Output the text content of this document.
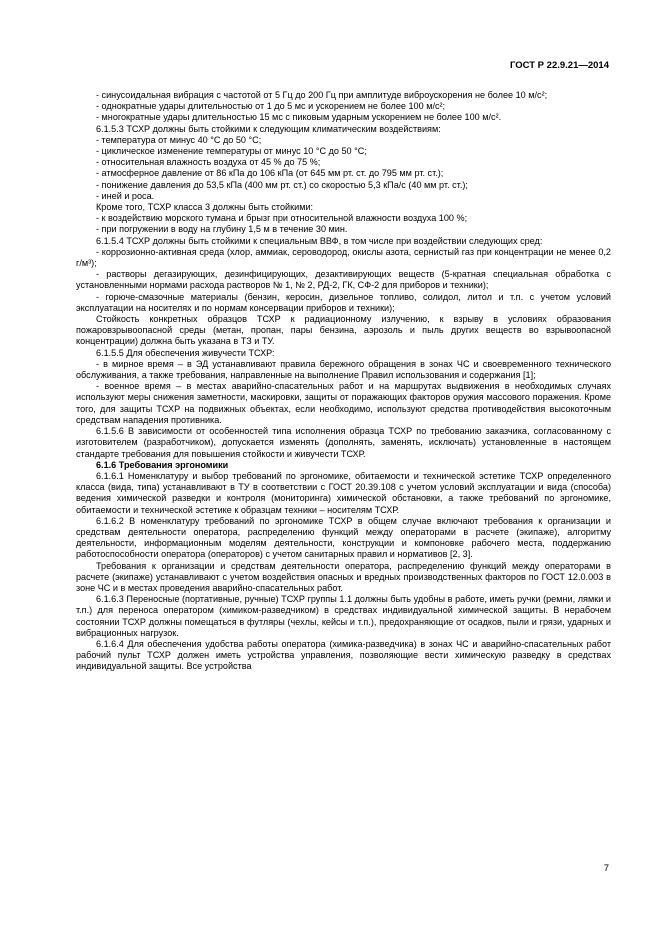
ГОСТ Р 22.9.21—2014

- синусоидальная вибрация с частотой от 5 Гц до 200 Гц при амплитуде виброускорения не более 10 м/с²;

- однократные удары длительностью от 1 до 5 мс и ускорением не более 100 м/с²;

- многократные удары длительностью 15 мс с пиковым ударным ускорением не более 100 м/с².

6.1.5.3 ТСХР должны быть стойкими к следующим климатическим воздействиям:

- температура от минус 40 °С до 50 °С;

- циклическое изменение температуры от минус 10 °С до 50 °С;

- относительная влажность воздуха от 45 % до 75 %;

- атмосферное давление от 86 кПа до 106 кПа (от 645 мм рт. ст. до 795 мм рт. ст.);

- понижение давления до 53,5 кПа (400 мм рт. ст.) со скоростью 5,3 кПа/с (40 мм рт. ст.);

- иней и роса.

Кроме того, ТСХР класса 3 должны быть стойкими:

- к воздействию морского тумана и брызг при относительной влажности воздуха 100 %;

- при погружении в воду на глубину 1,5 м в течение 30 мин.

6.1.5.4 ТСХР должны быть стойкими к специальным ВВФ, в том числе при воздействии следующих сред:

- коррозионно-активная среда (хлор, аммиак, сероводород, окислы азота, сернистый газ при концентрации не менее 0,2 г/м³);

- растворы дегазирующих, дезинфицирующих, дезактивирующих веществ (5-кратная специальная обработка с установленными нормами расхода растворов № 1, № 2, РД-2, ГК, СФ-2 для приборов и техники);

- горюче-смазочные материалы (бензин, керосин, дизельное топливо, солидол, литол и т.п. с учетом условий эксплуатации на носителях и по нормам консервации приборов и техники);

Стойкость конкретных образцов ТСХР к радиационному излучению, к взрыву в условиях образования пожаровзрывоопасной среды (метан, пропан, пары бензина, аэрозоль и пыль других веществ во взрывоопасной концентрации) должна быть указана в ТЗ и ТУ.

6.1.5.5 Для обеспечения живучести ТСХР:

- в мирное время – в ЭД устанавливают правила бережного обращения в зонах ЧС и своевременного технического обслуживания, а также требования, направленные на выполнение Правил использования и содержания [1];

- военное время – в местах аварийно-спасательных работ и на маршрутах выдвижения в необходимых случаях используют меры снижения заметности, маскировки, защиты от поражающих факторов оружия массового поражения. Кроме того, для защиты ТСХР на подвижных объектах, если необходимо, используют средства противодействия высокоточным средствам нападения противника.

6.1.5.6 В зависимости от особенностей типа исполнения образца ТСХР по требованию заказчика, согласованному с изготовителем (разработчиком), допускается изменять (дополнять, заменять, исключать) установленные в настоящем стандарте требования для повышения стойкости и живучести ТСХР.

6.1.6 Требования эргономики

6.1.6.1 Номенклатуру и выбор требований по эргономике, обитаемости и технической эстетике ТСХР определенного класса (вида, типа) устанавливают в ТУ в соответствии с ГОСТ 20.39.108 с учетом условий эксплуатации и вида (способа) ведения химической разведки и контроля (мониторинга) химической обстановки, а также требований по эргономике, обитаемости и технической эстетике к образцам техники – носителям ТСХР.

6.1.6.2 В номенклатуру требований по эргономике ТСХР в общем случае включают требования к организации и средствам деятельности оператора, распределению функций между операторами в расчете (экипаже), алгоритму деятельности, информационным моделям деятельности, конструкции и компоновке рабочего места, поддержанию работоспособности оператора (операторов) с учетом санитарных правил и нормативов [2, 3].

Требования к организации и средствам деятельности оператора, распределению функций между операторами в расчете (экипаже) устанавливают с учетом воздействия опасных и вредных производственных факторов по ГОСТ 12.0.003 в зоне ЧС и в местах проведения аварийно-спасательных работ.

6.1.6.3 Переносные (портативные, ручные) ТСХР группы 1.1 должны быть удобны в работе, иметь ручки (ремни, лямки и т.п.) для переноса оператором (химиком-разведчиком) в средствах индивидуальной химической защиты. В нерабочем состоянии ТСХР должны помещаться в футляры (чехлы, кейсы и т.п.), предохраняющие от осадков, пыли и грязи, ударных и вибрационных нагрузок.

6.1.6.4 Для обеспечения удобства работы оператора (химика-разведчика) в зонах ЧС и аварийно-спасательных работ рабочий пульт ТСХР должен иметь устройства управления, позволяющие вести химическую разведку в средствах индивидуальной защиты. Все устройства

7
